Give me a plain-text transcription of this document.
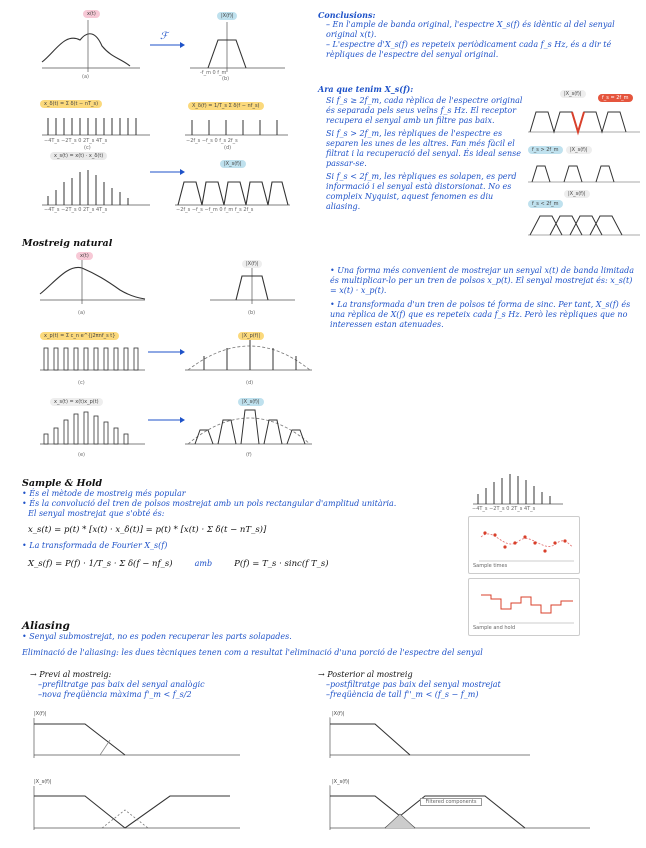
x(t)
(a)
|X(f)|
-f_m 0 f_m
(b)
ℱ
x_δ(t) = Σ δ(t − nT_s)
−4T_s −2T_s 0 2T_s 4T_s
(c)
X_δ(f) = 1/T_s Σ δ(f − nf_s)
−2f_s −f_s 0 f_s 2f_s
(d)
x_s(t) = x(t) · x_δ(t)
−4T_s −2T_s 0 2T_s 4T_s
|X_s(f)|
−2f_s −f_s −f_m 0 f_m f_s 2f_s
Conclusions:
– En l'ample de banda original, l'espectre X_s(f) és idèntic al del senyal original x(t).
– L'espectre d'X_s(f) es repeteix periòdicament cada f_s Hz, és a dir té rèpliques de l'espectre del senyal original.
Ara que tenim X_s(f):
Si f_s ≥ 2f_m, cada rèplica de l'espectre original és separada pels seus veïns f_s Hz. El receptor recupera el senyal amb un filtre pas baix.
Si f_s > 2f_m, les rèpliques de l'espectre es separen les unes de les altres. Fan més fàcil el filtrat i la recuperació del senyal. És ideal sense passar-se.
Si f_s < 2f_m, les rèpliques es solapen, es perd informació i el senyal està distorsionat. No es compleix Nyquist, aquest fenomen es diu aliasing.
f_s = 2f_m
|X_s(f)|
f_s > 2f_m	|X_s(f)|
f_s < 2f_m
|X_s(f)|
Mostreig natural
x(t)
(a)
|X(f)|
(b)
x_p(t) = Σ c_n e^{j2πnf_s t}
(c)
|X_p(f)|
(d)
x_s(t) = x(t)x_p(t)
(e)
|X_s(f)|
(f)
• Una forma més convenient de mostrejar un senyal x(t) de banda limitada és multiplicar-lo per un tren de polsos x_p(t). El senyal mostrejat és: x_s(t) = x(t) · x_p(t).
• La transformada d'un tren de polsos té forma de sinc. Per tant, X_s(f) és una rèplica de X(f) que es repeteix cada f_s Hz. Però les rèpliques que no interessen estan atenuades.
Sample & Hold
• És el mètode de mostreig més popular
• És la convolució del tren de polsos mostrejat amb un pols rectangular d'amplitud unitària.
El senyal mostrejat que s'obté és:
x_s(t) = p(t) * [x(t) · x_δ(t)] = p(t) * [x(t) · Σ δ(t − nT_s)]
• La transformada de Fourier X_s(f)
X_s(f) = P(f) · 1/T_s · Σ δ(f − nf_s)	amb	P(f) = T_s · sinc(f T_s)
−4T_s −2T_s 0 2T_s 4T_s
Sample times
Sample and hold
Aliasing
• Senyal submostrejat, no es poden recuperar les parts solapades.
Eliminació de l'aliasing: les dues tècniques tenen com a resultat l'eliminació d'una porció de l'espectre del senyal
→ Previ al mostreig:
–prefiltratge pas baix del senyal analògic
–nova freqüència màxima f'_m < f_s/2
→ Posterior al mostreig
–postfiltratge pas baix del senyal mostrejat
–freqüència de tall f''_m < (f_s − f_m)
|X(f)|
|X_s(f)|
|X(f)|
|X_s(f)|
Filtered components
